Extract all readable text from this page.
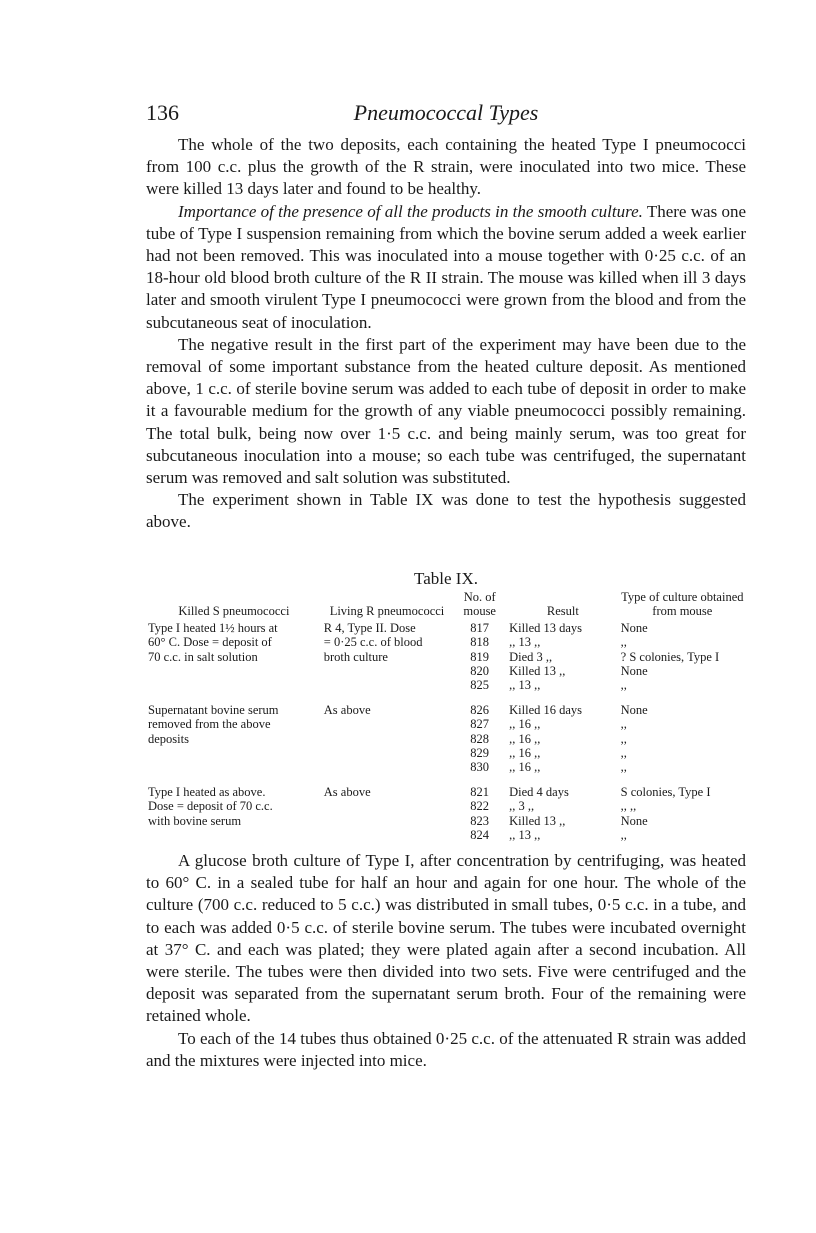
Pneumococcal Types
136

The whole of the two deposits, each containing the heated Type I pneumococci from 100 c.c. plus the growth of the R strain, were inoculated into two mice. These were killed 13 days later and found to be healthy.

Importance of the presence of all the products in the smooth culture. There was one tube of Type I suspension remaining from which the bovine serum added a week earlier had not been removed. This was inoculated into a mouse together with 0·25 c.c. of an 18-hour old blood broth culture of the R II strain. The mouse was killed when ill 3 days later and smooth virulent Type I pneumococci were grown from the blood and from the subcutaneous seat of inoculation.

The negative result in the first part of the experiment may have been due to the removal of some important substance from the heated culture deposit. As mentioned above, 1 c.c. of sterile bovine serum was added to each tube of deposit in order to make it a favourable medium for the growth of any viable pneumococci possibly remaining. The total bulk, being now over 1·5 c.c. and being mainly serum, was too great for subcutaneous inoculation into a mouse; so each tube was centrifuged, the supernatant serum was removed and salt solution was substituted.

The experiment shown in Table IX was done to test the hypothesis suggested above.

Table IX.
Killed S pneumococci	Living R pneumococci	No. of mouse	Result	Type of culture obtained from mouse
Type I heated 1½ hours at	R 4, Type II. Dose	817	Killed 13 days	None
60° C. Dose = deposit of	= 0·25 c.c. of blood	818	,, 13 ,,	,,
70 c.c. in salt solution	broth culture	819	Died 3 ,,	? S colonies, Type I
		820	Killed 13 ,,	None
		825	,, 13 ,,	,,
Supernatant bovine serum	As above	826	Killed 16 days	None
removed from the above		827	,, 16 ,,	,,
deposits		828	,, 16 ,,	,,
		829	,, 16 ,,	,,
		830	,, 16 ,,	,,
Type I heated as above.	As above	821	Died 4 days	S colonies, Type I
Dose = deposit of 70 c.c.		822	,, 3 ,,	,, ,,
with bovine serum		823	Killed 13 ,,	None
		824	,, 13 ,,	,,

A glucose broth culture of Type I, after concentration by centrifuging, was heated to 60° C. in a sealed tube for half an hour and again for one hour. The whole of the culture (700 c.c. reduced to 5 c.c.) was distributed in small tubes, 0·5 c.c. in a tube, and to each was added 0·5 c.c. of sterile bovine serum. The tubes were incubated overnight at 37° C. and each was plated; they were plated again after a second incubation. All were sterile. The tubes were then divided into two sets. Five were centrifuged and the deposit was separated from the supernatant serum broth. Four of the remaining were retained whole.

To each of the 14 tubes thus obtained 0·25 c.c. of the attenuated R strain was added and the mixtures were injected into mice.
